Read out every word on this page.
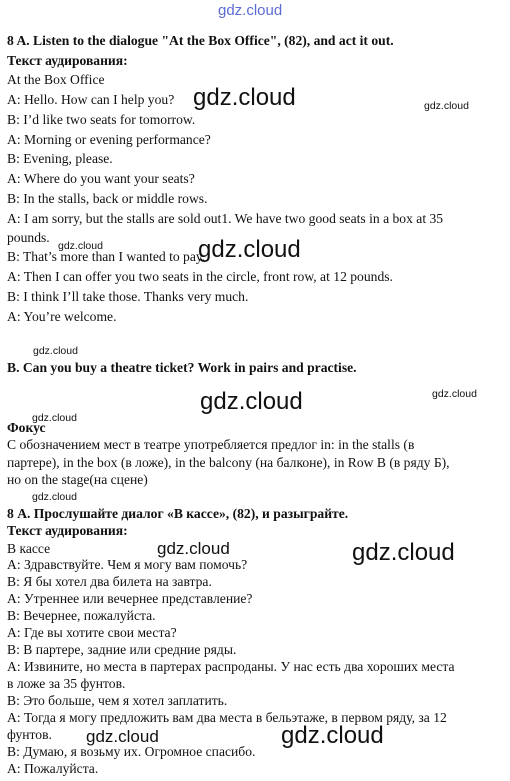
gdz.cloud
gdz.cloud	gdz.cloud
gdz.cloud	gdz.cloud
gdz.cloud
gdz.cloud	gdz.cloud
gdz.cloud
gdz.cloud
gdz.cloud	gdz.cloud
gdz.cloud	gdz.cloud
8 A. Listen to the dialogue "At the Box Office", (82), and act it out.
Текст аудирования:
At the Box Office
A: Hello. How can I help you?
B: I’d like two seats for tomorrow.
A: Morning or evening performance?
B: Evening, please.
A: Where do you want your seats?
B: In the stalls, back or middle rows.
A: I am sorry, but the stalls are sold out1. We have two good seats in a box at 35
pounds.
B: That’s more than I wanted to pay.
A: Then I can offer you two seats in the circle, front row, at 12 pounds.
B: I think I’ll take those. Thanks very much.
A: You’re welcome.
B. Can you buy a theatre ticket? Work in pairs and practise.
Фокус
С обозначением мест в театре употребляется предлог in: in the stalls (в
партере), in the box (в ложе), in the balcony (на балконе), in Row B (в ряду Б),
но on the stage(на сцене)
8 А. Прослушайте диалог «В кассе», (82), и разыграйте.
Текст аудирования:
В кассе
А: Здравствуйте. Чем я могу вам помочь?
В: Я бы хотел два билета на завтра.
А: Утреннее или вечернее представление?
В: Вечернее, пожалуйста.
А: Где вы хотите свои места?
В: В партере, задние или средние ряды.
А: Извините, но места в партерах распроданы. У нас есть два хороших места
в ложе за 35 фунтов.
В: Это больше, чем я хотел заплатить.
А: Тогда я могу предложить вам два места в бельэтаже, в первом ряду, за 12
фунтов.
В: Думаю, я возьму их. Огромное спасибо.
А: Пожалуйста.
